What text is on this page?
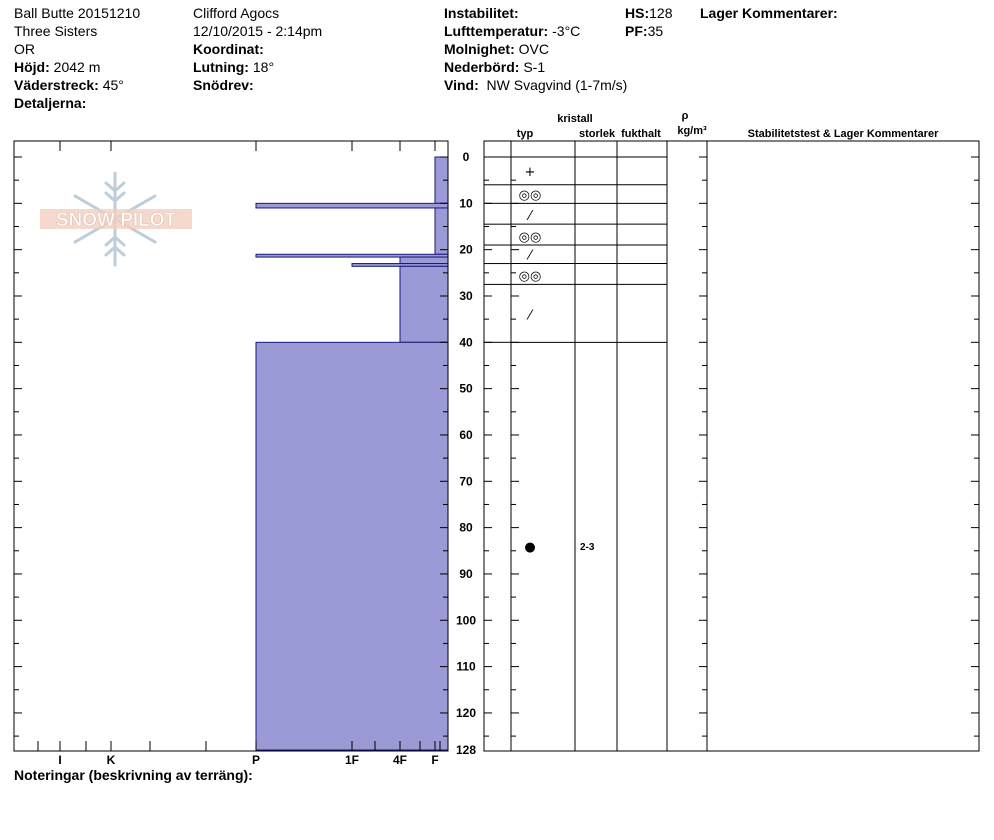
Ball Butte 20151210
Three Sisters
OR
Höjd: 2042 m
Väderstreck: 45°
Detaljerna:
Clifford Agocs
12/10/2015 - 2:14pm
Koordinat:
Lutning: 18°
Snödrev:
Instabilitet:
Lufttemperatur: -3°C
Molnighet: OVC
Nederbörd: S-1
Vind: NW Svagvind (1-7m/s)
HS:128
PF:35
Lager Kommentarer:
Noteringar (beskrivning av terräng):
SNOW PILOT
I	K	P	1F	4F F
0
10
20
30
40
50
60
70
80
90
100
110
120
128
+
◎◎
⁄
◎◎
⁄
◎◎
⁄
●	2-3
typ
kristall
storlek fukthalt
ρ
kg/m³	Stabilitetstest & Lager Kommentarer
